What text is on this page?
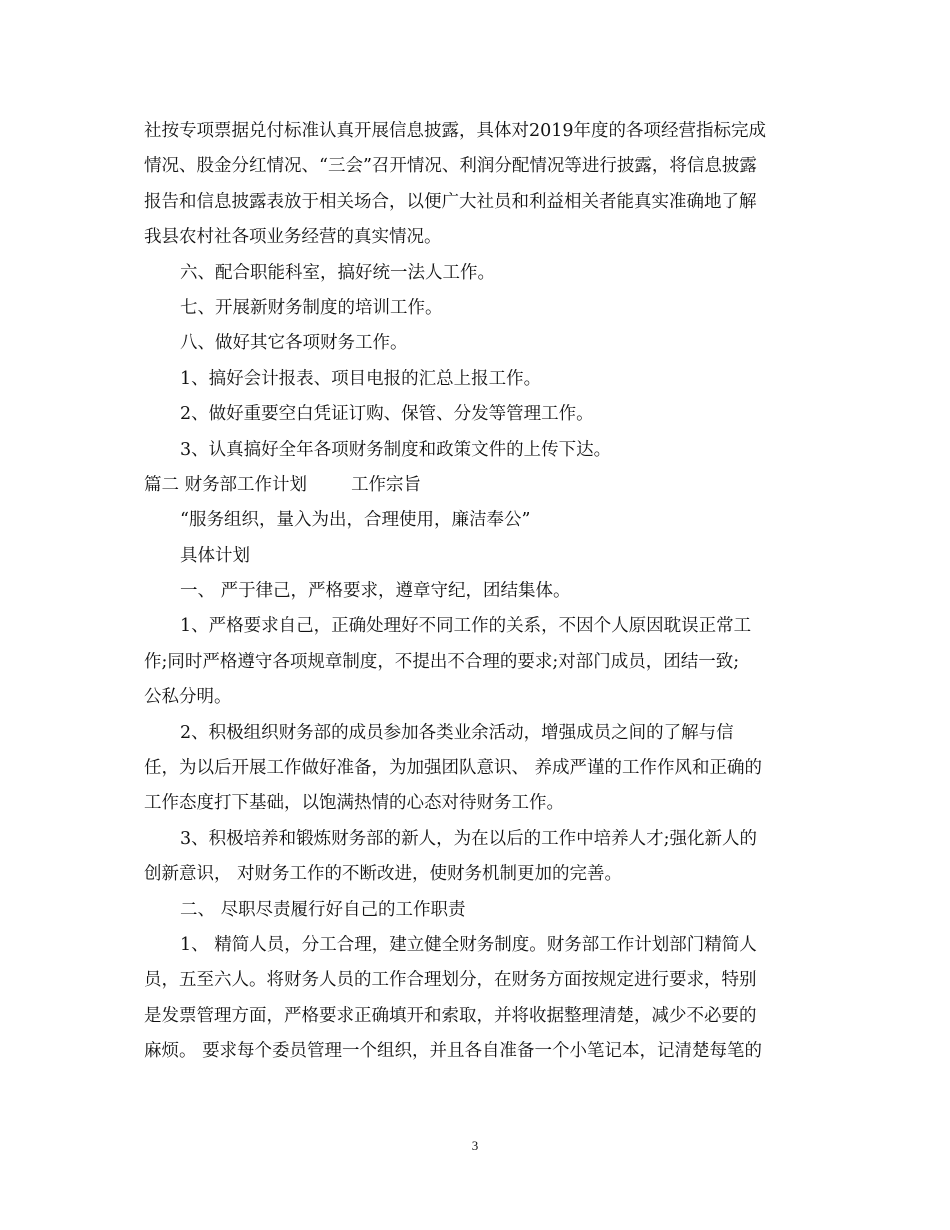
社按专项票据兑付标准认真开展信息披露，具体对2019年度的各项经营指标完成
情况、股金分红情况、“三会”召开情况、利润分配情况等进行披露，将信息披露
报告和信息披露表放于相关场合，以便广大社员和利益相关者能真实准确地了解
我县农村社各项业务经营的真实情况。
六、配合职能科室，搞好统一法人工作。
七、开展新财务制度的培训工作。
八、做好其它各项财务工作。
1、搞好会计报表、项目电报的汇总上报工作。
2、做好重要空白凭证订购、保管、分发等管理工作。
3、认真搞好全年各项财务制度和政策文件的上传下达。
篇二 财务部工作计划	工作宗旨
“服务组织，量入为出，合理使用，廉洁奉公”
具体计划
一、 严于律己，严格要求，遵章守纪，团结集体。
1、严格要求自己，正确处理好不同工作的关系，不因个人原因耽误正常工
作;同时严格遵守各项规章制度，不提出不合理的要求;对部门成员，团结一致;
公私分明。
2、积极组织财务部的成员参加各类业余活动，增强成员之间的了解与信
任，为以后开展工作做好准备，为加强团队意识、 养成严谨的工作作风和正确的
工作态度打下基础，以饱满热情的心态对待财务工作。
3、积极培养和锻炼财务部的新人，为在以后的工作中培养人才;强化新人的
创新意识， 对财务工作的不断改进，使财务机制更加的完善。
二、 尽职尽责履行好自己的工作职责
1、 精简人员，分工合理，建立健全财务制度。财务部工作计划部门精简人
员，五至六人。将财务人员的工作合理划分，在财务方面按规定进行要求，特别
是发票管理方面，严格要求正确填开和索取，并将收据整理清楚，减少不必要的
麻烦。 要求每个委员管理一个组织，并且各自准备一个小笔记本，记清楚每笔的
3
